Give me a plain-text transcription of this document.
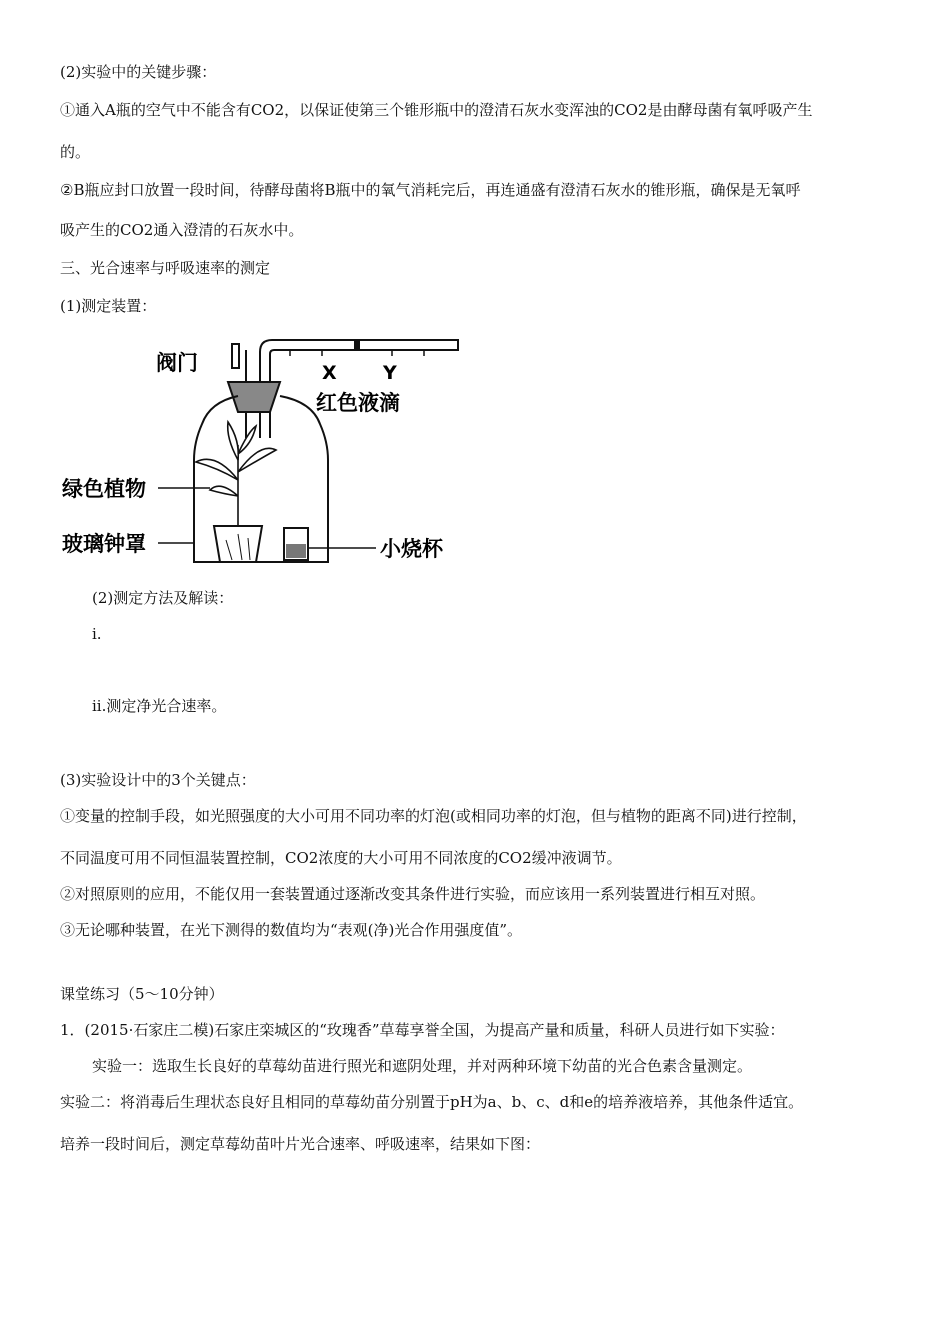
(2)实验中的关键步骤：
①通入A瓶的空气中不能含有CO2，以保证使第三个锥形瓶中的澄清石灰水变浑浊的CO2是由酵母菌有氧呼吸产生
的。
②B瓶应封口放置一段时间，待酵母菌将B瓶中的氧气消耗完后，再连通盛有澄清石灰水的锥形瓶，确保是无氧呼
吸产生的CO2通入澄清的石灰水中。
三、光合速率与呼吸速率的测定
(1)测定装置：
阀门	X Y
红色液滴
绿色植物
玻璃钟罩	小烧杯
(2)测定方法及解读：
i.
ii.测定净光合速率。
(3)实验设计中的3个关键点：
①变量的控制手段，如光照强度的大小可用不同功率的灯泡(或相同功率的灯泡，但与植物的距离不同)进行控制，
不同温度可用不同恒温装置控制，CO2浓度的大小可用不同浓度的CO2缓冲液调节。
②对照原则的应用，不能仅用一套装置通过逐渐改变其条件进行实验，而应该用一系列装置进行相互对照。
③无论哪种装置，在光下测得的数值均为“表观(净)光合作用强度值”。
课堂练习（5～10分钟）
1．(2015·石家庄二模)石家庄栾城区的“玫瑰香”草莓享誉全国，为提高产量和质量，科研人员进行如下实验：
实验一：选取生长良好的草莓幼苗进行照光和遮阴处理，并对两种环境下幼苗的光合色素含量测定。
实验二：将消毒后生理状态良好且相同的草莓幼苗分别置于pH为a、b、c、d和e的培养液培养，其他条件适宜。
培养一段时间后，测定草莓幼苗叶片光合速率、呼吸速率，结果如下图：
